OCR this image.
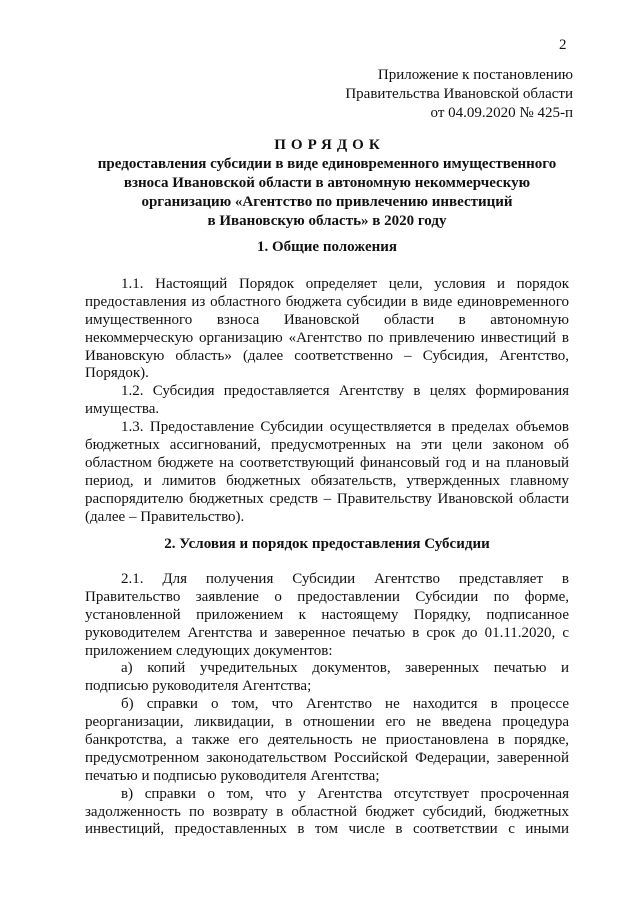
2
Приложение к постановлению
Правительства Ивановской области
от 04.09.2020 № 425-п
ПОРЯДОК
предоставления субсидии в виде единовременного имущественного
взноса Ивановской области в автономную некоммерческую
организацию «Агентство по привлечению инвестиций
в Ивановскую область» в 2020 году
1. Общие положения
1.1. Настоящий Порядок определяет цели, условия и порядок
предоставления из областного бюджета субсидии в виде единовременного
имущественного взноса Ивановской области в автономную
некоммерческую организацию «Агентство по привлечению инвестиций в
Ивановскую область» (далее соответственно – Субсидия, Агентство,
Порядок).
1.2. Субсидия предоставляется Агентству в целях формирования
имущества.
1.3. Предоставление Субсидии осуществляется в пределах объемов
бюджетных ассигнований, предусмотренных на эти цели законом об
областном бюджете на соответствующий финансовый год и на плановый
период, и лимитов бюджетных обязательств, утвержденных главному
распорядителю бюджетных средств – Правительству Ивановской области
(далее – Правительство).
2. Условия и порядок предоставления Субсидии
2.1. Для получения Субсидии Агентство представляет в
Правительство заявление о предоставлении Субсидии по форме,
установленной приложением к настоящему Порядку, подписанное
руководителем Агентства и заверенное печатью в срок до 01.11.2020, с
приложением следующих документов:
а) копий учредительных документов, заверенных печатью и
подписью руководителя Агентства;
б) справки о том, что Агентство не находится в процессе
реорганизации, ликвидации, в отношении его не введена процедура
банкротства, а также его деятельность не приостановлена в порядке,
предусмотренном законодательством Российской Федерации, заверенной
печатью и подписью руководителя Агентства;
в) справки о том, что у Агентства отсутствует просроченная
задолженность по возврату в областной бюджет субсидий, бюджетных
инвестиций, предоставленных в том числе в соответствии с иными
